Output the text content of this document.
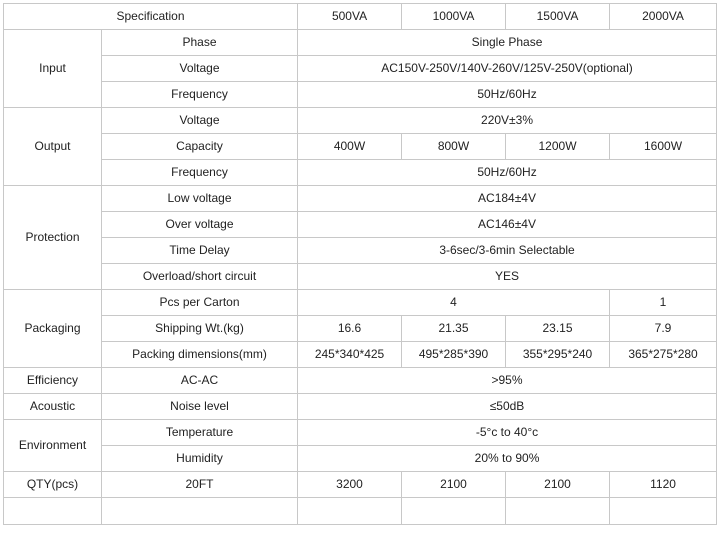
Specification		500VA	1000VA	1500VA	2000VA
Input	Phase	Single Phase			
	Voltage	AC150V-250V/140V-260V/125V-250V(optional)			
	Frequency	50Hz/60Hz			
Output	Voltage	220V±3%			
	Capacity	400W	800W	1200W	1600W
	Frequency	50Hz/60Hz			
Protection	Low voltage	AC184±4V			
	Over voltage	AC146±4V			
	Time Delay	3-6sec/3-6min Selectable			
	Overload/short circuit	YES			
Packaging	Pcs per Carton	4			1
	Shipping Wt.(kg)	16.6	21.35	23.15	7.9
	Packing dimensions(mm)	245*340*425	495*285*390	355*295*240	365*275*280
Efficiency	AC-AC	>95%			
Acoustic	Noise level	≤50dB			
Environment	Temperature	-5°c to 40°c			
	Humidity	20% to 90%			
QTY(pcs)	20FT	3200	2100	2100	1120
